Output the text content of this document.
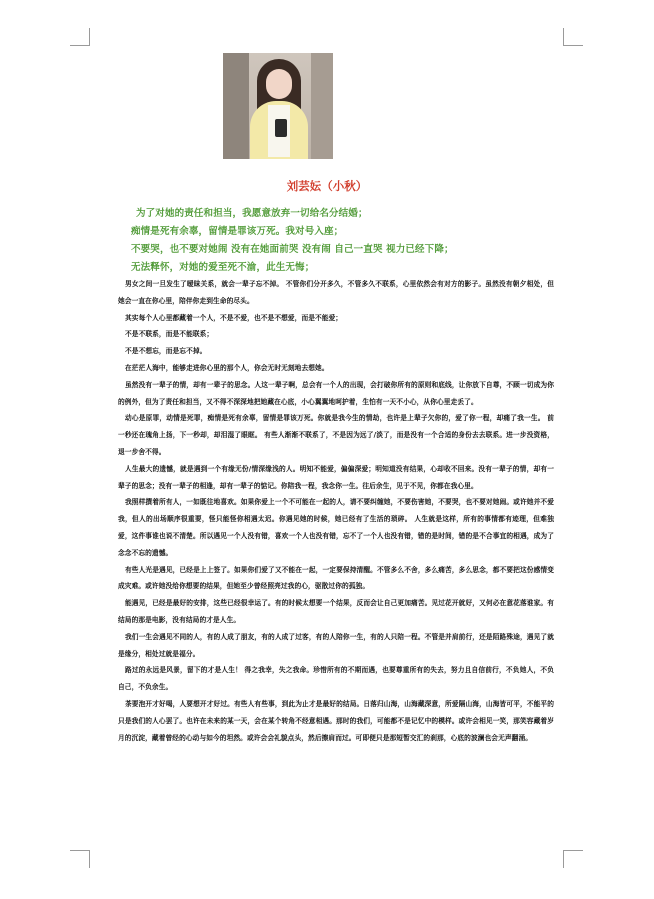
刘芸妘（小秋）
为了对她的责任和担当，我愿意放弃一切给名分结婚；
痴情是死有余辜，留情是罪该万死。我对号入座；
不要哭，也不要对她闹 没有在她面前哭 没有闹 自己一直哭 视力已经下降；
无法释怀，对她的爱至死不渝，此生无悔；

男女之间一旦发生了暧昧关系，就会一辈子忘不掉。 不管你们分开多久，不管多久不联系，心里依然会有对方的影子。虽然没有朝夕相处，但她会一直在你心里，陪伴你走到生命的尽头。

其实每个人心里都藏着一个人，不是不爱，也不是不想爱，而是不能爱；

不是不联系，而是不能联系；

不是不想忘，而是忘不掉。

在茫茫人海中，能够走进你心里的那个人，你会无时无刻地去想她。

虽然没有一辈子的情，却有一辈子的思念。人这一辈子啊，总会有一个人的出现，会打破你所有的原则和底线，让你放下自尊，不顾一切成为你的例外，但为了责任和担当，又不得不深深地把她藏在心底，小心翼翼地呵护着，生怕有一天不小心，从你心里走丢了。

动心是原罪，动情是死罪，痴情是死有余辜，留情是罪该万死。你就是我今生的情劫，也许是上辈子欠你的，爱了你一程，却痛了我一生。 前一秒还在瑰角上扬，下一秒却，却泪湿了眼眶。 有些人渐渐不联系了，不是因为远了/淡了，而是没有一个合适的身份去去联系。进一步没资格，退一步舍不得。

人生最大的遗憾，就是遇到一个有缘无份/情深缘浅的人。明知不能爱，偏偏深爱；明知道没有结果，心却收不回来。没有一辈子的情，却有一辈子的思念；没有一辈子的相逢，却有一辈子的惦记。你陪我一程，我念你一生。往后余生，见于不见，你都在我心里。

我照样撰着所有人，一如既往地喜欢。如果你爱上一个不可能在一起的人，请不要纠缠她，不要伤害她，不要哭，也不要对她闹。或许她并不爱我，但人的出场顺序很重要，怪只能怪你相遇太迟。你遇见她的时候，她已经有了生活的琐碎。 人生就是这样，所有的事情都有迹理，但难独爱，这件事谁也说不清楚。所以遇见一个人没有错，喜欢一个人也没有错，忘不了一个人也没有错，错的是时间，错的是不合事宜的相遇，成为了念念不忘的遗憾。

有些人光是遇见，已经是上上签了。如果你们爱了又不能在一起，一定要保持清醒。不管多么不舍，多么痛苦，多么思念，都不要把这份感情变成灾难。或许她没给你想要的结果，但她至少曾经照亮过我的心，驱散过你的孤独。

能遇见，已经是最好的安排，这些已经很幸运了。有的时候太想要一个结果，反而会让自己更加痛苦。见过花开就好，又何必在意花落谁家。有结局的那是电影，没有结局的才是人生。

我们一生会遇见不同的人，有的人成了朋友，有的人成了过客，有的人陪你一生，有的人只陪一程。不管是并肩前行，还是陌路殊途，遇见了就是缘分，相处过就是福分。

路过的永远是风景，留下的才是人生！ 得之我幸，失之我命。珍惜所有的不期而遇，也要尊重所有的失去，努力且自信前行，不负她人，不负自己，不负余生。

茶要泡开才好喝，人要想开才好过。有些人有些事，到此为止才是最好的结局。日落归山海，山海藏深意，所爱隔山海，山海皆可平，不能平的只是我们的人心罢了。也许在未来的某一天，会在某个转角不经意相遇。那时的我们，可能都不是记忆中的模样。或许会相见一笑，那笑容藏着岁月的沉淀，藏着曾经的心动与如今的坦然。或许会会礼貌点头，然后擦肩而过。可即便只是那短暂交汇的刹那，心底的波澜也会无声翻涌。
